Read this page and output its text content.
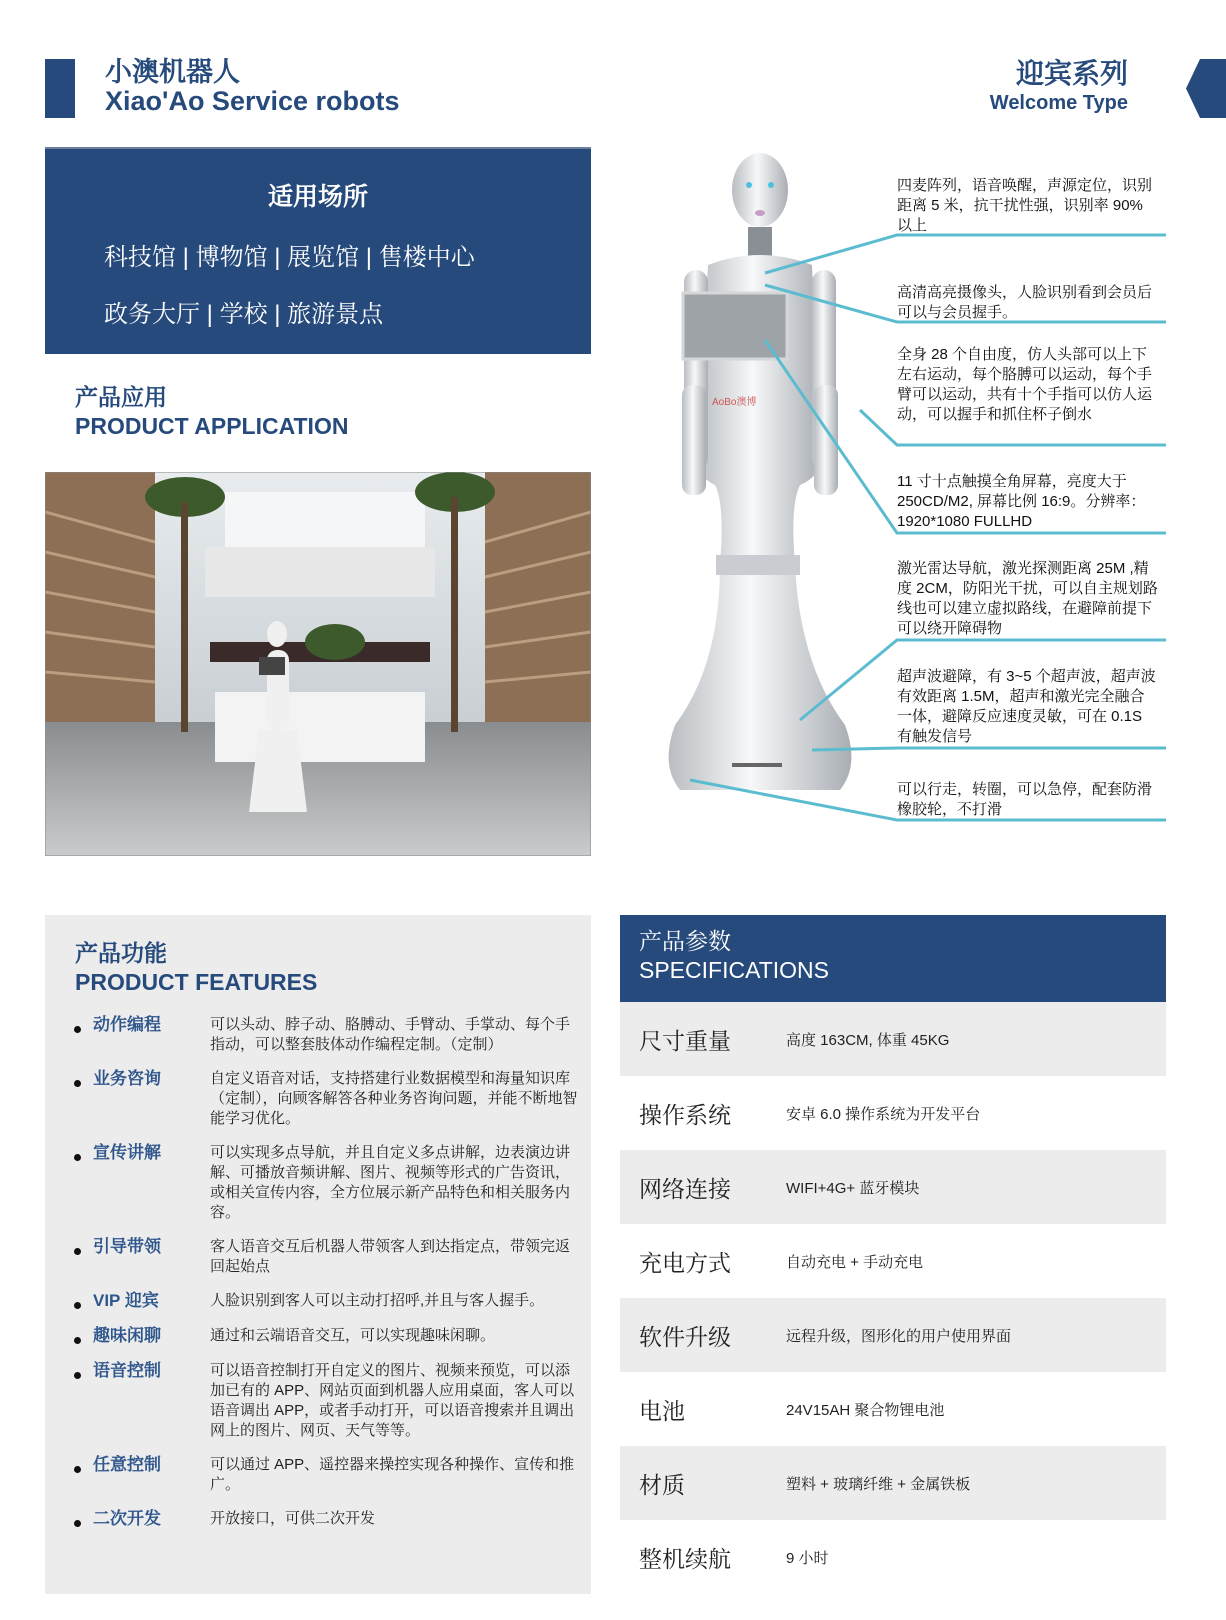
小澳机器人
Xiao'Ao Service robots
迎宾系列
Welcome Type
适用场所
科技馆 | 博物馆 | 展览馆 | 售楼中心
政务大厅 | 学校 | 旅游景点
产品应用
PRODUCT APPLICATION
AoBo澳博
四麦阵列，语音唤醒，声源定位，识别距离 5 米，抗干扰性强，识别率 90% 以上
高清高亮摄像头，人脸识别看到会员后可以与会员握手。
全身 28 个自由度，仿人头部可以上下左右运动，每个胳膊可以运动，每个手臂可以运动，共有十个手指可以仿人运动，可以握手和抓住杯子倒水
11 寸十点触摸全角屏幕，亮度大于 250CD/M2, 屏幕比例 16:9。分辨率：1920*1080 FULLHD
激光雷达导航，激光探测距离 25M ,精度 2CM，防阳光干扰，可以自主规划路线也可以建立虚拟路线，在避障前提下可以绕开障碍物
超声波避障，有 3~5 个超声波，超声波有效距离 1.5M，超声和激光完全融合一体，避障反应速度灵敏，可在 0.1S 有触发信号
可以行走，转圈，可以急停，配套防滑橡胶轮，不打滑
产品功能
PRODUCT FEATURES
动作编程	可以头动、脖子动、胳膊动、手臂动、手掌动、每个手指动，可以整套肢体动作编程定制。（定制）
业务咨询	自定义语音对话，支持搭建行业数据模型和海量知识库（定制），向顾客解答各种业务咨询问题，并能不断地智能学习优化。
宣传讲解	可以实现多点导航，并且自定义多点讲解，边表演边讲解、可播放音频讲解、图片、视频等形式的广告资讯，或相关宣传内容，全方位展示新产品特色和相关服务内容。
引导带领	客人语音交互后机器人带领客人到达指定点，带领完返回起始点
VIP 迎宾	人脸识别到客人可以主动打招呼,并且与客人握手。
趣味闲聊	通过和云端语音交互，可以实现趣味闲聊。
语音控制	可以语音控制打开自定义的图片、视频来预览，可以添加已有的 APP、网站页面到机器人应用桌面，客人可以语音调出 APP，或者手动打开，可以语音搜索并且调出网上的图片、网页、天气等等。
任意控制	可以通过 APP、遥控器来操控实现各种操作、宣传和推广。
二次开发	开放接口，可供二次开发
产品参数
SPECIFICATIONS
尺寸重量	高度 163CM, 体重 45KG
操作系统	安卓 6.0 操作系统为开发平台
网络连接	WIFI+4G+ 蓝牙模块
充电方式	自动充电 + 手动充电
软件升级	远程升级，图形化的用户使用界面
电池	24V15AH 聚合物锂电池
材质	塑料 + 玻璃纤维 + 金属铁板
整机续航	9 小时
